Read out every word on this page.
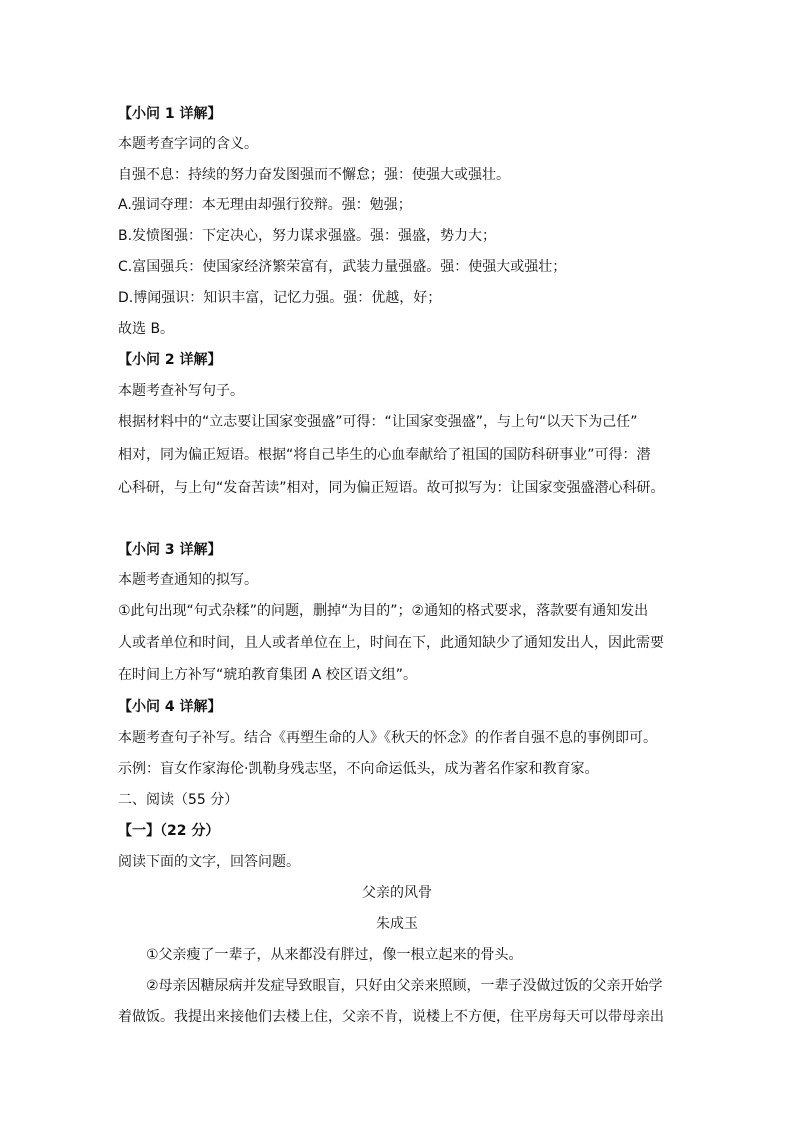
【小问 1 详解】
本题考查字词的含义。
自强不息：持续的努力奋发图强而不懈怠；强：使强大或强壮。
A.强词夺理：本无理由却强行狡辩。强：勉强；
B.发愤图强：下定决心，努力谋求强盛。强：强盛，势力大；
C.富国强兵：使国家经济繁荣富有，武装力量强盛。强：使强大或强壮；
D.博闻强识：知识丰富，记忆力强。强：优越，好；
故选 B。
【小问 2 详解】
本题考查补写句子。
根据材料中的“立志要让国家变强盛”可得：“让国家变强盛”，与上句“以天下为己任”
相对，同为偏正短语。根据“将自己毕生的心血奉献给了祖国的国防科研事业”可得：潜
心科研，与上句“发奋苦读”相对，同为偏正短语。故可拟写为：让国家变强盛潜心科研。
【小问 3 详解】
本题考查通知的拟写。
①此句出现“句式杂糅”的问题，删掉“为目的”；②通知的格式要求，落款要有通知发出
人或者单位和时间，且人或者单位在上，时间在下，此通知缺少了通知发出人，因此需要
在时间上方补写“琥珀教育集团 A 校区语文组”。
【小问 4 详解】
本题考查句子补写。结合《再塑生命的人》《秋天的怀念》的作者自强不息的事例即可。
示例：盲女作家海伦·凯勒身残志坚，不向命运低头，成为著名作家和教育家。
二、阅读（55 分）
【一】（22 分）
阅读下面的文字，回答问题。
父亲的风骨
朱成玉
①父亲瘦了一辈子，从来都没有胖过，像一根立起来的骨头。
②母亲因糖尿病并发症导致眼盲，只好由父亲来照顾，一辈子没做过饭的父亲开始学
着做饭。我提出来接他们去楼上住，父亲不肯，说楼上不方便，住平房每天可以带母亲出
